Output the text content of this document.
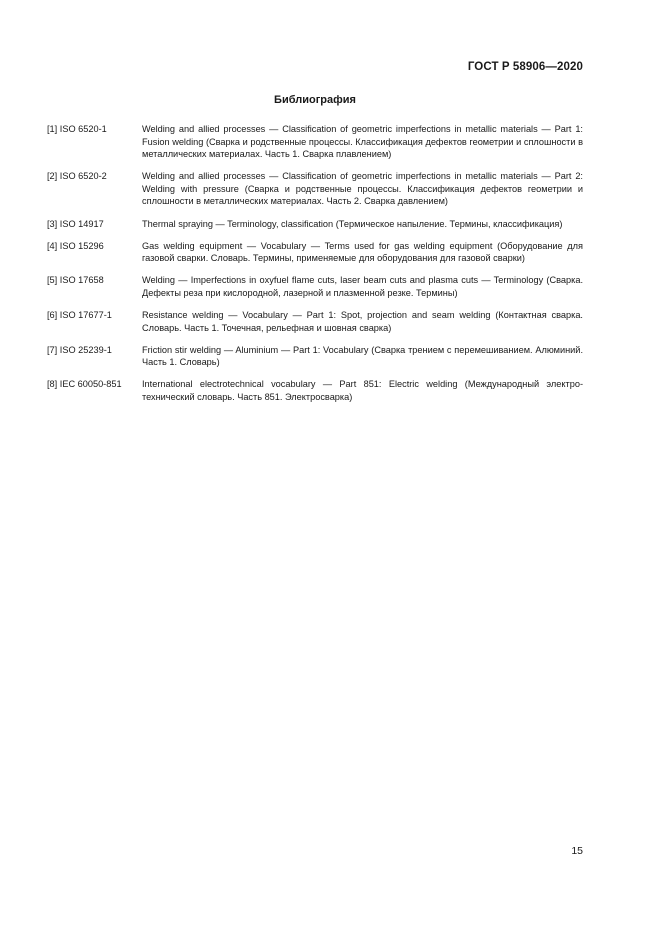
ГОСТ Р 58906—2020
Библиография
[1] ISO 6520-1	Welding and allied processes — Classification of geometric imperfections in metallic materials — Part 1: Fusion welding (Сварка и родственные процессы. Классификация дефектов геометрии и сплошности в металлических материалах. Часть 1. Сварка плавлением)
[2] ISO 6520-2	Welding and allied processes — Classification of geometric imperfections in metallic materials — Part 2: Welding with pressure (Сварка и родственные процессы. Классификация дефектов геометрии и сплошности в металлических материалах. Часть 2. Сварка давлением)
[3] ISO 14917	Thermal spraying — Terminology, classification (Термическое напыление. Термины, классификация)
[4] ISO 15296	Gas welding equipment — Vocabulary — Terms used for gas welding equipment (Оборудование для газовой сварки. Словарь. Термины, применяемые для оборудования для газовой сварки)
[5] ISO 17658	Welding — Imperfections in oxyfuel flame cuts, laser beam cuts and plasma cuts — Terminology (Сварка. Дефекты реза при кислородной, лазерной и плазменной резке. Термины)
[6] ISO 17677-1	Resistance welding — Vocabulary — Part 1: Spot, projection and seam welding (Контактная сварка. Словарь. Часть 1. Точечная, рельефная и шовная сварка)
[7] ISO 25239-1	Friction stir welding — Aluminium — Part 1: Vocabulary (Сварка трением с перемешиванием. Алюминий. Часть 1. Словарь)
[8] IEC 60050-851	International electrotechnical vocabulary — Part 851: Electric welding (Международный электротехнический словарь. Часть 851. Электросварка)
15
